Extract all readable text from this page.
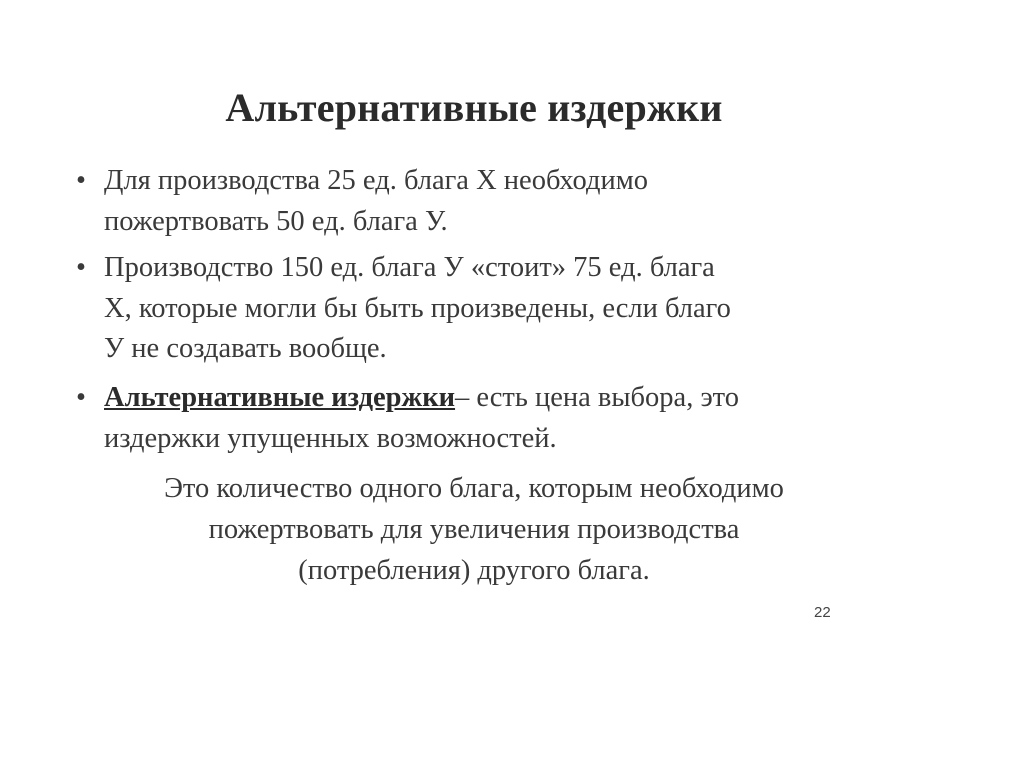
Альтернативные издержки
• Для производства 25 ед. блага Х необходимо
пожертвовать 50 ед. блага У.
• Производство 150 ед. блага У «стоит» 75 ед. блага
Х, которые могли бы быть произведены, если благо
У не создавать вообще.
• Альтернативные издержки– есть цена выбора, это
издержки упущенных возможностей.
Это количество одного блага, которым необходимо
пожертвовать для увеличения производства
(потребления) другого блага.
22
